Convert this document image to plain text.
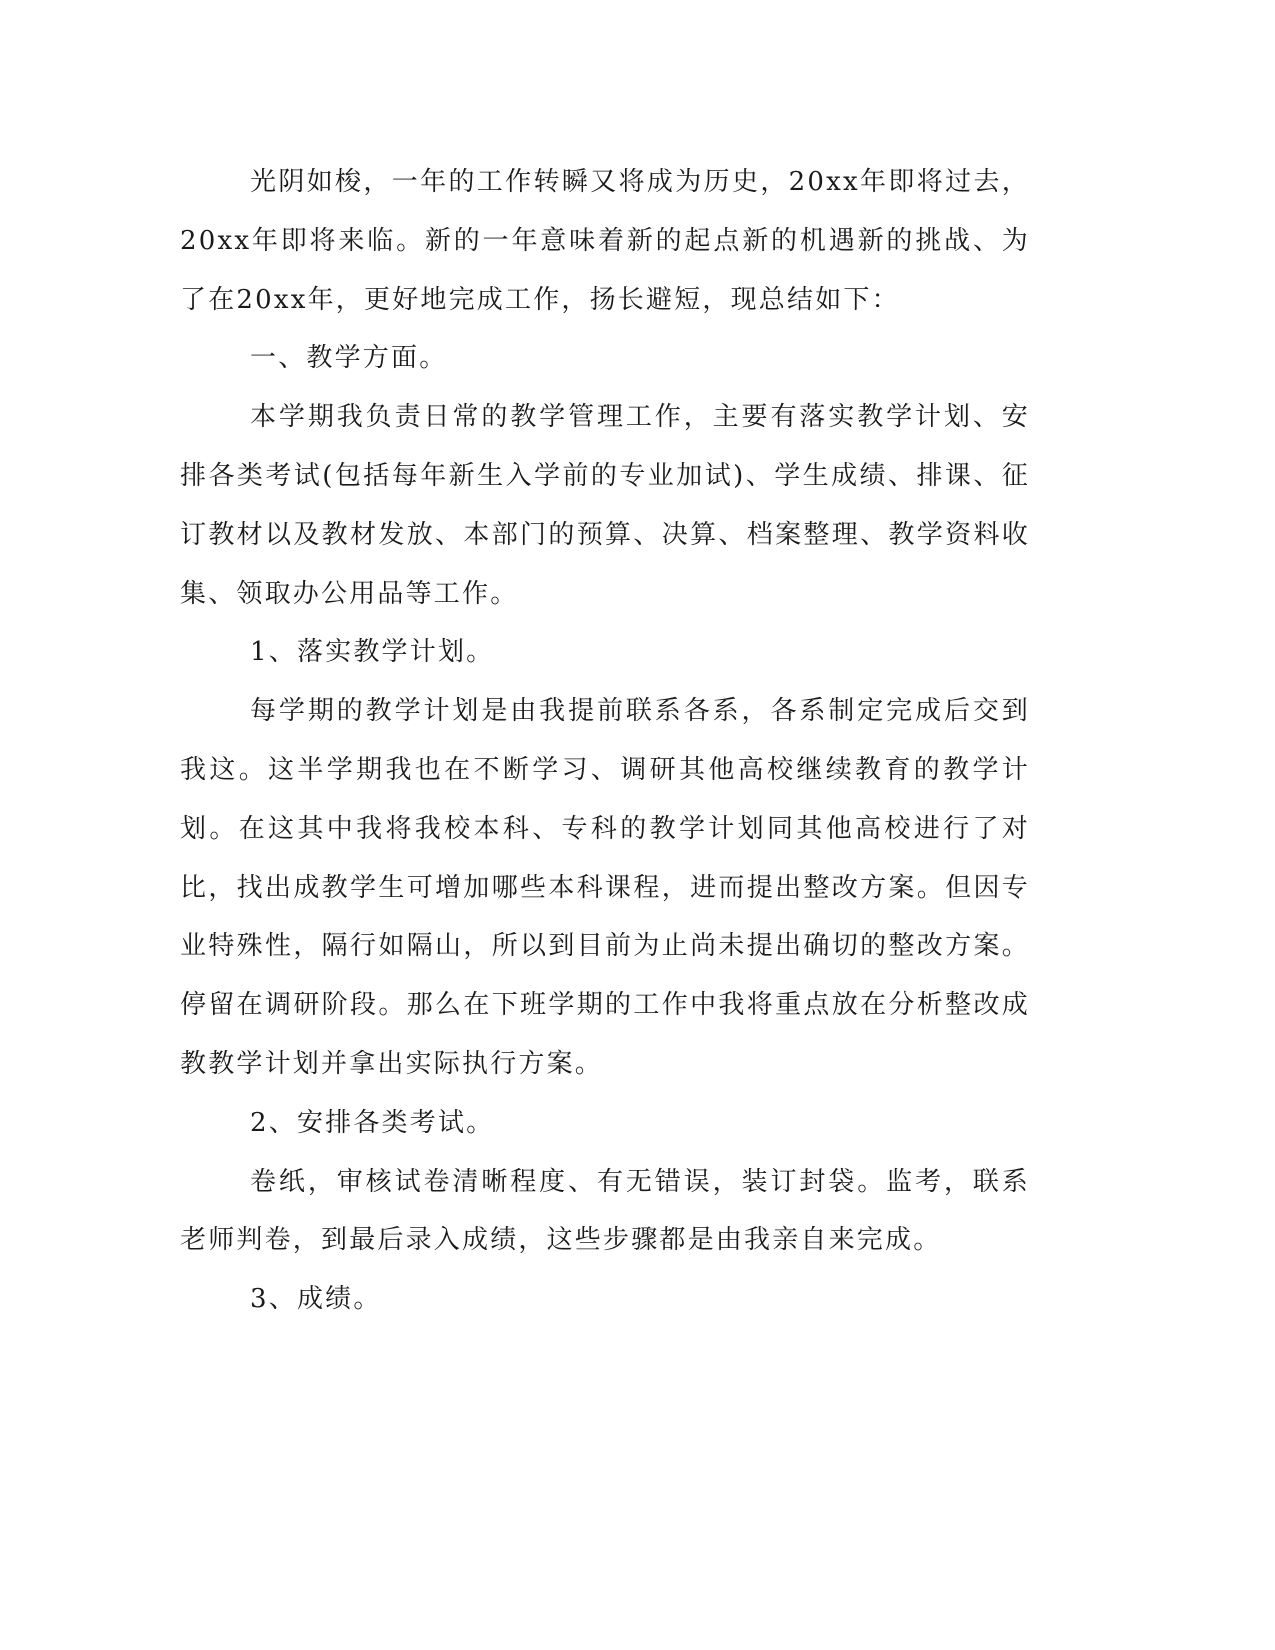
光阴如梭，一年的工作转瞬又将成为历史，20xx年即将过去，20xx年即将来临。新的一年意味着新的起点新的机遇新的挑战、为了在20xx年，更好地完成工作，扬长避短，现总结如下：

一、教学方面。

本学期我负责日常的教学管理工作，主要有落实教学计划、安排各类考试(包括每年新生入学前的专业加试)、学生成绩、排课、征订教材以及教材发放、本部门的预算、决算、档案整理、教学资料收集、领取办公用品等工作。

1、落实教学计划。

每学期的教学计划是由我提前联系各系，各系制定完成后交到我这。这半学期我也在不断学习、调研其他高校继续教育的教学计划。在这其中我将我校本科、专科的教学计划同其他高校进行了对比，找出成教学生可增加哪些本科课程，进而提出整改方案。但因专业特殊性，隔行如隔山，所以到目前为止尚未提出确切的整改方案。停留在调研阶段。那么在下班学期的工作中我将重点放在分析整改成教教学计划并拿出实际执行方案。

2、安排各类考试。

卷纸，审核试卷清晰程度、有无错误，装订封袋。监考，联系老师判卷，到最后录入成绩，这些步骤都是由我亲自来完成。

3、成绩。
